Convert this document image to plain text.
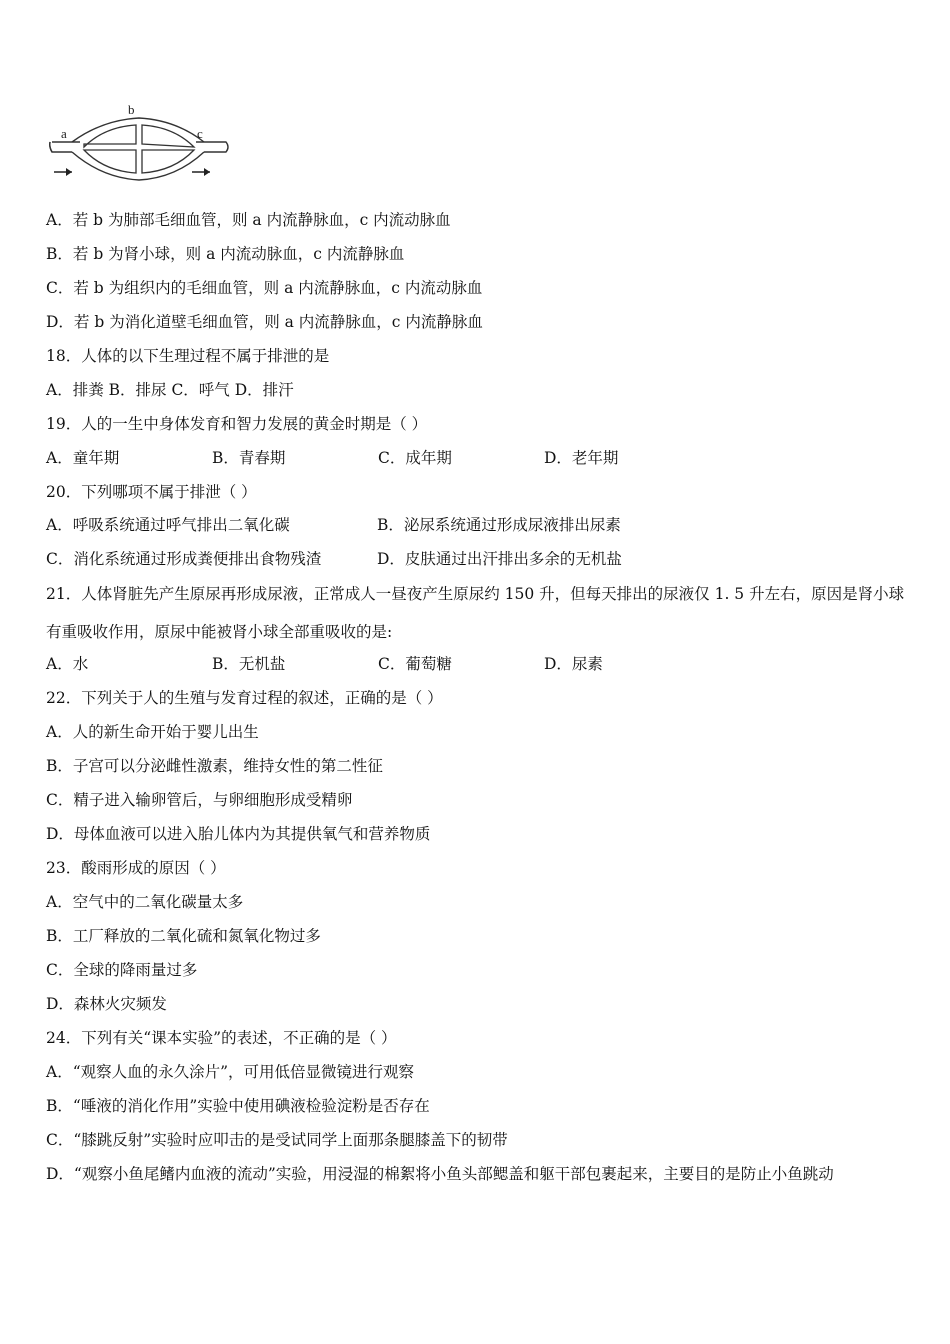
a
b
c
A．若 b 为肺部毛细血管，则 a 内流静脉血，c 内流动脉血
B．若 b 为肾小球，则 a 内流动脉血，c 内流静脉血
C．若 b 为组织内的毛细血管，则 a 内流静脉血，c 内流动脉血
D．若 b 为消化道壁毛细血管，则 a 内流静脉血，c 内流静脉血
18．人体的以下生理过程不属于排泄的是
A．排粪 B．排尿 C．呼气 D．排汗
19．人的一生中身体发育和智力发展的黄金时期是（ ）
A．童年期	B．青春期	C．成年期	D．老年期
20．下列哪项不属于排泄（ ）
A．呼吸系统通过呼气排出二氧化碳	B．泌尿系统通过形成尿液排出尿素
C．消化系统通过形成粪便排出食物残渣	D．皮肤通过出汗排出多余的无机盐
21．人体肾脏先产生原尿再形成尿液，正常成人一昼夜产生原尿约 150 升，但每天排出的尿液仅 1. 5 升左右，原因是肾小球有重吸收作用，原尿中能被肾小球全部重吸收的是:
A．水	B．无机盐	C．葡萄糖	D．尿素
22．下列关于人的生殖与发育过程的叙述，正确的是（ ）
A．人的新生命开始于婴儿出生
B．子宫可以分泌雌性激素，维持女性的第二性征
C．精子进入输卵管后，与卵细胞形成受精卵
D．母体血液可以进入胎儿体内为其提供氧气和营养物质
23．酸雨形成的原因（ ）
A．空气中的二氧化碳量太多
B．工厂释放的二氧化硫和氮氧化物过多
C．全球的降雨量过多
D．森林火灾频发
24．下列有关“课本实验”的表述，不正确的是（ ）
A．“观察人血的永久涂片”，可用低倍显微镜进行观察
B．“唾液的消化作用”实验中使用碘液检验淀粉是否存在
C．“膝跳反射”实验时应叩击的是受试同学上面那条腿膝盖下的韧带
D．“观察小鱼尾鳍内血液的流动”实验，用浸湿的棉絮将小鱼头部鳃盖和躯干部包裹起来，主要目的是防止小鱼跳动
